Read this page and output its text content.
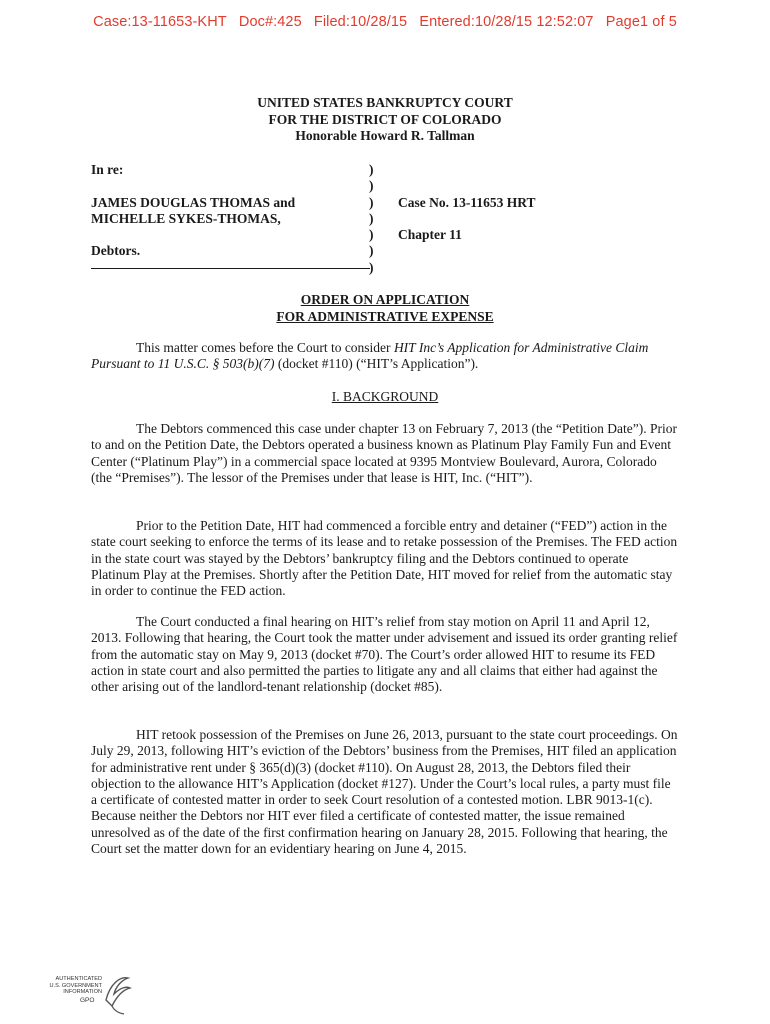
Case:13-11653-KHT Doc#:425 Filed:10/28/15 Entered:10/28/15 12:52:07 Page1 of 5
UNITED STATES BANKRUPTCY COURT
FOR THE DISTRICT OF COLORADO
Honorable Howard R. Tallman
In re:
JAMES DOUGLAS THOMAS and
MICHELLE SYKES-THOMAS,
Debtors.
)
)
)
)
)
)
)
Case No. 13-11653 HRT
Chapter 11
ORDER ON APPLICATION
FOR ADMINISTRATIVE EXPENSE

This matter comes before the Court to consider HIT Inc’s Application for Administrative Claim Pursuant to 11 U.S.C. § 503(b)(7) (docket #110) (“HIT’s Application”).

I. BACKGROUND

The Debtors commenced this case under chapter 13 on February 7, 2013 (the “Petition Date”). Prior to and on the Petition Date, the Debtors operated a business known as Platinum Play Family Fun and Event Center (“Platinum Play”) in a commercial space located at 9395 Montview Boulevard, Aurora, Colorado (the “Premises”). The lessor of the Premises under that lease is HIT, Inc. (“HIT”).

Prior to the Petition Date, HIT had commenced a forcible entry and detainer (“FED”) action in the state court seeking to enforce the terms of its lease and to retake possession of the Premises. The FED action in the state court was stayed by the Debtors’ bankruptcy filing and the Debtors continued to operate Platinum Play at the Premises. Shortly after the Petition Date, HIT moved for relief from the automatic stay in order to continue the FED action.

The Court conducted a final hearing on HIT’s relief from stay motion on April 11 and April 12, 2013. Following that hearing, the Court took the matter under advisement and issued its order granting relief from the automatic stay on May 9, 2013 (docket #70). The Court’s order allowed HIT to resume its FED action in state court and also permitted the parties to litigate any and all claims that either had against the other arising out of the landlord-tenant relationship (docket #85).

HIT retook possession of the Premises on June 26, 2013, pursuant to the state court proceedings. On July 29, 2013, following HIT’s eviction of the Debtors’ business from the Premises, HIT filed an application for administrative rent under § 365(d)(3) (docket #110). On August 28, 2013, the Debtors filed their objection to the allowance HIT’s Application (docket #127). Under the Court’s local rules, a party must file a certificate of contested matter in order to seek Court resolution of a contested motion. LBR 9013-1(c). Because neither the Debtors nor HIT ever filed a certificate of contested matter, the issue remained unresolved as of the date of the first confirmation hearing on January 28, 2015. Following that hearing, the Court set the matter down for an evidentiary hearing on June 4, 2015.

AUTHENTICATED
U.S. GOVERNMENT
INFORMATION
GPO
